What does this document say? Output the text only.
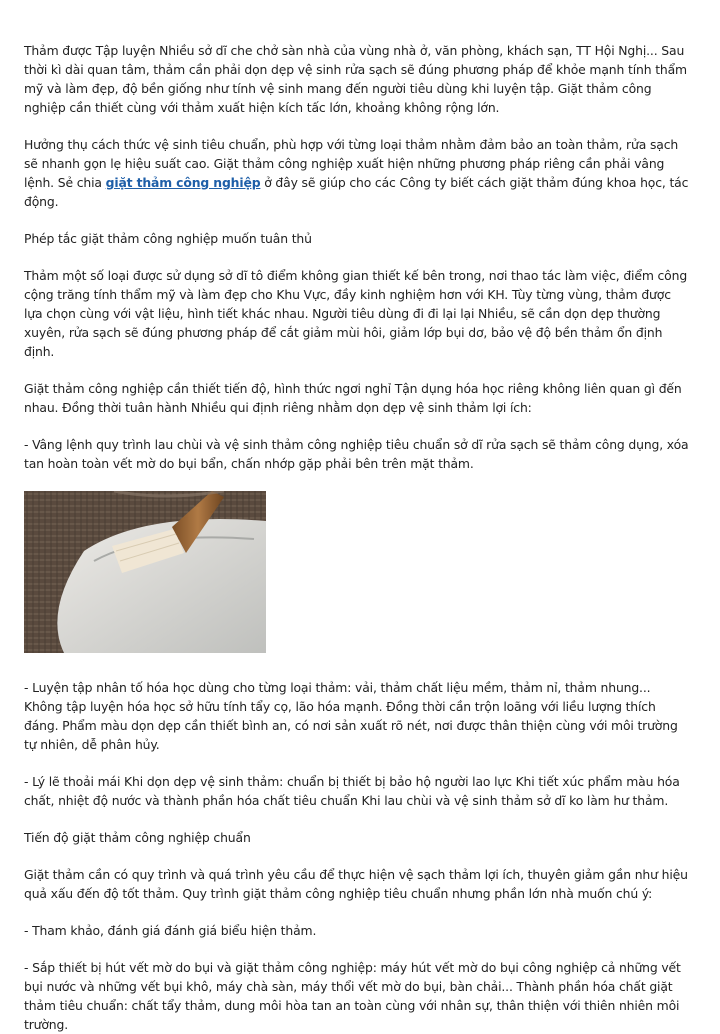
Thảm được Tập luyện Nhiều sở dĩ che chở sàn nhà của vùng nhà ở, văn phòng, khách sạn, TT Hội Nghị... Sau thời kì dài quan tâm, thảm cần phải dọn dẹp vệ sinh rửa sạch sẽ đúng phương pháp để khỏe mạnh tính thẩm mỹ và làm đẹp, độ bền giống như tính vệ sinh mang đến người tiêu dùng khi luyện tập. Giặt thảm công nghiệp cần thiết cùng với thảm xuất hiện kích tấc lớn, khoảng không rộng lớn.

Hưởng thụ cách thức vệ sinh tiêu chuẩn, phù hợp với từng loại thảm nhằm đảm bảo an toàn thảm, rửa sạch sẽ nhanh gọn lẹ hiệu suất cao. Giặt thảm công nghiệp xuất hiện những phương pháp riêng cần phải vâng lệnh. Sẻ chia giặt thảm công nghiệp ở đây sẽ giúp cho các Công ty biết cách giặt thảm đúng khoa học, tác động.

Phép tắc giặt thảm công nghiệp muốn tuân thủ

Thảm một số loại được sử dụng sở dĩ tô điểm không gian thiết kế bên trong, nơi thao tác làm việc, điểm công cộng trăng tính thẩm mỹ và làm đẹp cho Khu Vực, đầy kinh nghiệm hơn với KH. Tùy từng vùng, thảm được lựa chọn cùng với vật liệu, hình tiết khác nhau. Người tiêu dùng đi đi lại lại Nhiều, sẽ cần dọn dẹp thường xuyên, rửa sạch sẽ đúng phương pháp để cắt giảm mùi hôi, giảm lớp bụi dơ, bảo vệ độ bền thảm ổn định định.

Giặt thảm công nghiệp cần thiết tiến độ, hình thức ngơi nghỉ Tận dụng hóa học riêng không liên quan gì đến nhau. Đồng thời tuân hành Nhiều qui định riêng nhằm dọn dẹp vệ sinh thảm lợi ích:

- Vâng lệnh quy trình lau chùi và vệ sinh thảm công nghiệp tiêu chuẩn sở dĩ rửa sạch sẽ thảm công dụng, xóa tan hoàn toàn vết mờ do bụi bẩn, chấn nhớp gặp phải bên trên mặt thảm.

- Luyện tập nhân tố hóa học dùng cho từng loại thảm: vải, thảm chất liệu mềm, thảm nỉ, thảm nhung... Không tập luyện hóa học sở hữu tính tẩy cọ, lão hóa mạnh. Đồng thời cần trộn loãng với liều lượng thích đáng. Phẩm màu dọn dẹp cần thiết bình an, có nơi sản xuất rõ nét, nơi được thân thiện cùng với môi trường tự nhiên, dễ phân hủy.

- Lý lẽ thoải mái Khi dọn dẹp vệ sinh thảm: chuẩn bị thiết bị bảo hộ người lao lực Khi tiết xúc phẩm màu hóa chất, nhiệt độ nước và thành phần hóa chất tiêu chuẩn Khi lau chùi và vệ sinh thảm sở dĩ ko làm hư thảm.

Tiến độ giặt thảm công nghiệp chuẩn

Giặt thảm cần có quy trình và quá trình yêu cầu để thực hiện vệ sạch thảm lợi ích, thuyên giảm gần như hiệu quả xấu đến độ tốt thảm. Quy trình giặt thảm công nghiệp tiêu chuẩn nhưng phần lớn nhà muốn chú ý:

- Tham khảo, đánh giá đánh giá biểu hiện thảm.

- Sắp thiết bị hút vết mờ do bụi và giặt thảm công nghiệp: máy hút vết mờ do bụi công nghiệp cả những vết bụi nước và những vết bụi khô, máy chà sàn, máy thổi vết mờ do bụi, bàn chải... Thành phần hóa chất giặt thảm tiêu chuẩn: chất tẩy thảm, dung môi hòa tan an toàn cùng với nhân sự, thân thiện với thiên nhiên môi trường.
